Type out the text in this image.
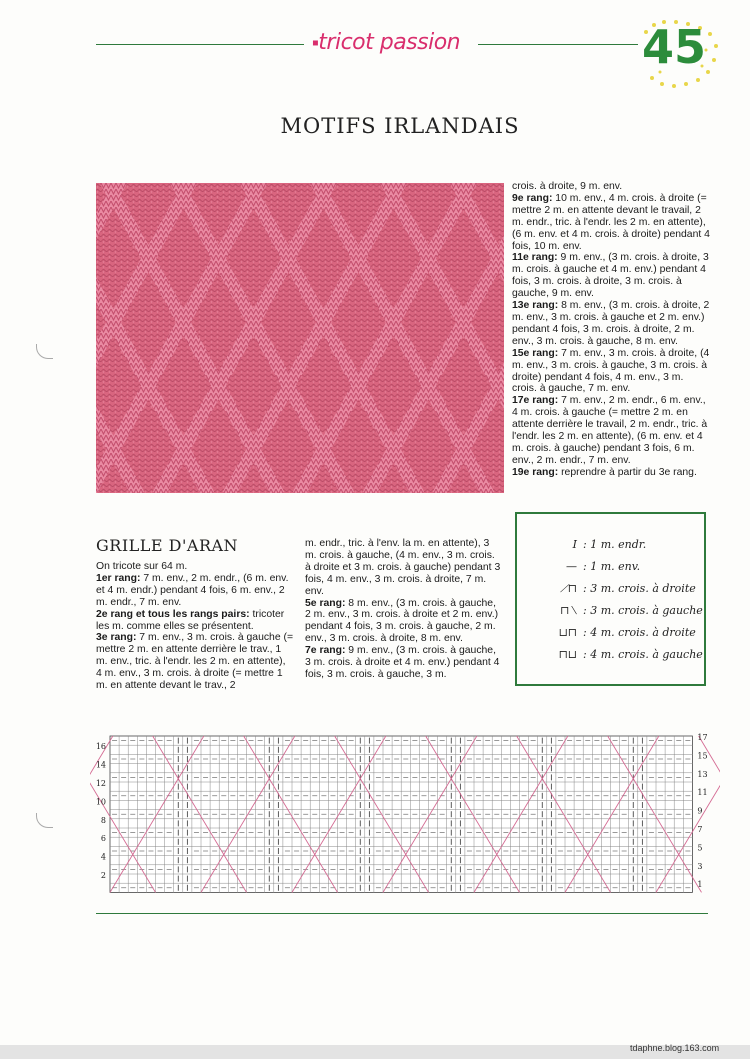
▪tricot passion	45
MOTIFS IRLANDAIS

crois. à droite, 9 m. env.

9e rang: 10 m. env., 4 m. crois. à droite (= mettre 2 m. en attente devant le travail, 2 m. endr., tric. à l'endr. les 2 m. en attente), (6 m. env. et 4 m. crois. à droite) pendant 4 fois, 10 m. env.

11e rang: 9 m. env., (3 m. crois. à droite, 3 m. crois. à gauche et 4 m. env.) pendant 4 fois, 3 m. crois. à droite, 3 m. crois. à gauche, 9 m. env.

13e rang: 8 m. env., (3 m. crois. à droite, 2 m. env., 3 m. crois. à gauche et 2 m. env.) pendant 4 fois, 3 m. crois. à droite, 2 m. env., 3 m. crois. à gauche, 8 m. env.

15e rang: 7 m. env., 3 m. crois. à droite, (4 m. env., 3 m. crois. à gauche, 3 m. crois. à droite) pendant 4 fois, 4 m. env., 3 m. crois. à gauche, 7 m. env.

17e rang: 7 m. env., 2 m. endr., 6 m. env., 4 m. crois. à gauche (= mettre 2 m. en attente derrière le travail, 2 m. endr., tric. à l'endr. les 2 m. en attente), (6 m. env. et 4 m. crois. à gauche) pendant 3 fois, 6 m. env., 2 m. endr., 7 m. env.

19e rang: reprendre à partir du 3e rang.

I : 1 m. endr.
— : 1 m. env.
⟋⊓ : 3 m. crois. à droite
⊓⟍ : 3 m. crois. à gauche
⊔⊓ : 4 m. crois. à droite
⊓⊔ : 4 m. crois. à gauche
GRILLE D'ARAN

On tricote sur 64 m.

1er rang: 7 m. env., 2 m. endr., (6 m. env. et 4 m. endr.) pendant 4 fois, 6 m. env., 2 m. endr., 7 m. env.

2e rang et tous les rangs pairs: tricoter les m. comme elles se présentent.

3e rang: 7 m. env., 3 m. crois. à gauche (= mettre 2 m. en attente derrière le trav., 1 m. env., tric. à l'endr. les 2 m. en attente), 4 m. env., 3 m. crois. à droite (= mettre 1 m. en attente devant le trav., 2

m. endr., tric. à l'env. la m. en attente), 3 m. crois. à gauche, (4 m. env., 3 m. crois. à droite et 3 m. crois. à gauche) pendant 3 fois, 4 m. env., 3 m. crois. à droite, 7 m. env.

5e rang: 8 m. env., (3 m. crois. à gauche, 2 m. env., 3 m. crois. à droite et 2 m. env.) pendant 4 fois, 3 m. crois. à gauche, 2 m. env., 3 m. crois. à droite, 8 m. env.

7e rang: 9 m. env., (3 m. crois. à gauche, 3 m. crois. à droite et 4 m. env.) pendant 4 fois, 3 m. crois. à gauche, 3 m.

16
14
12
10
8
6
4
2
17
15
13
11
9
7
5
3
1
tdaphne.blog.163.com
